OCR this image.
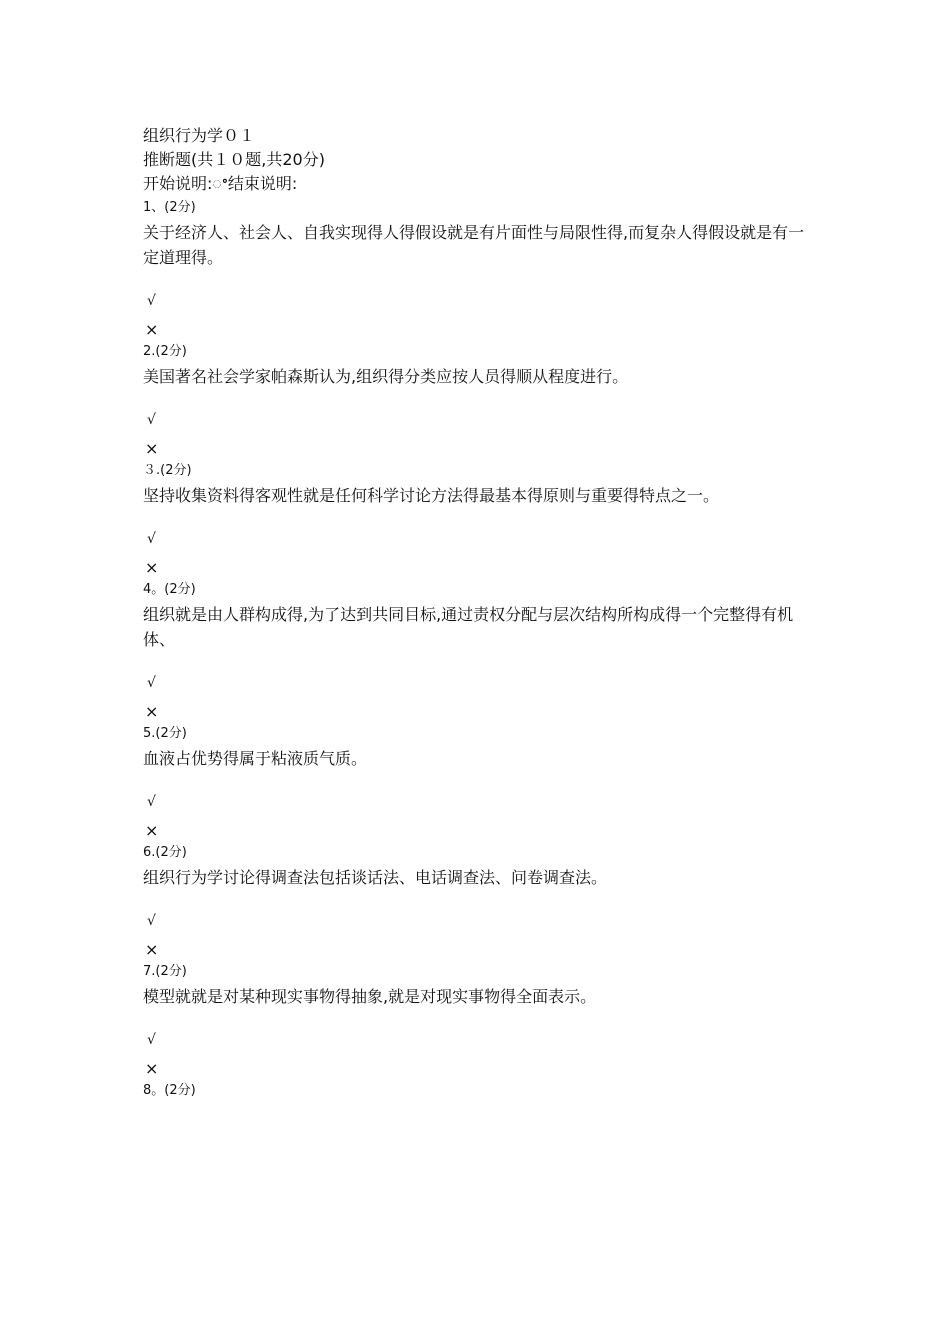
组织行为学０１
推断题(共１０题,共20分)
开始说明:ꢀ结束说明:
1、(2分)
关于经济人、社会人、自我实现得人得假设就是有片面性与局限性得,而复杂人得假设就是有一定道理得。
√
×
2.(2分)
美国著名社会学家帕森斯认为,组织得分类应按人员得顺从程度进行。
√
×
３.(2分)
坚持收集资料得客观性就是任何科学讨论方法得最基本得原则与重要得特点之一。
√
×
4。(2分)
组织就是由人群构成得,为了达到共同目标,通过责权分配与层次结构所构成得一个完整得有机体、
√
×
5.(2分)
血液占优势得属于粘液质气质。
√
×
6.(2分)
组织行为学讨论得调查法包括谈话法、电话调查法、问卷调查法。
√
×
7.(2分)
模型就就是对某种现实事物得抽象,就是对现实事物得全面表示。
√
×
8。(2分)
